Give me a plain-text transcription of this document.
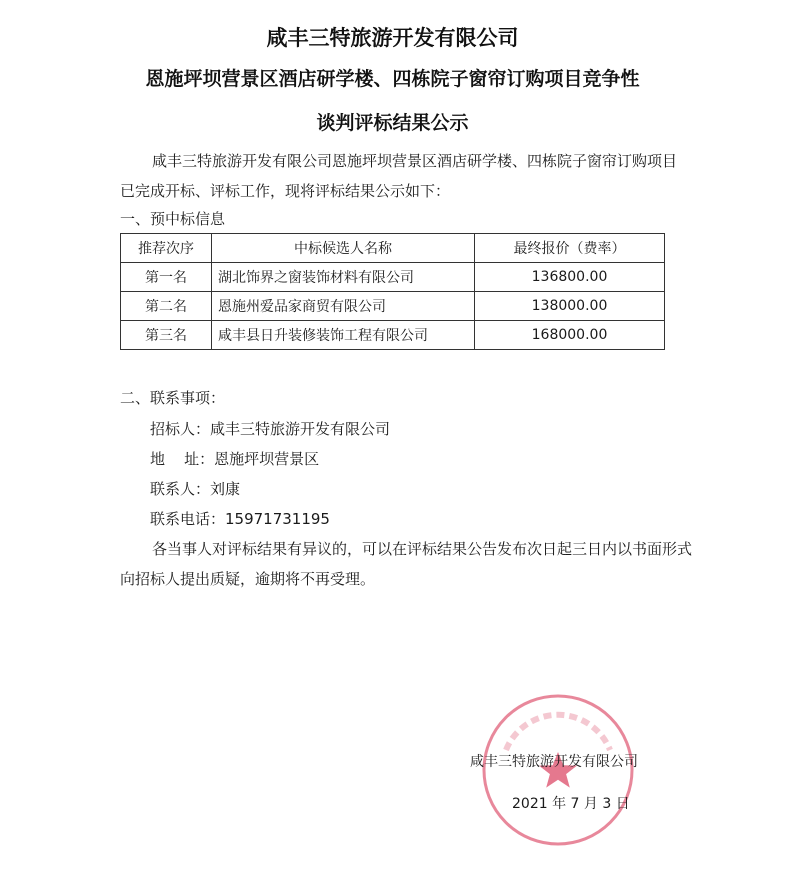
咸丰三特旅游开发有限公司
恩施坪坝营景区酒店研学楼、四栋院子窗帘订购项目竞争性
谈判评标结果公示
咸丰三特旅游开发有限公司恩施坪坝营景区酒店研学楼、四栋院子窗帘订购项目已完成开标、评标工作，现将评标结果公示如下：
一、预中标信息
推荐次序	中标候选人名称	最终报价（费率）
第一名	湖北饰界之窗装饰材料有限公司	136800.00
第二名	恩施州爱品家商贸有限公司	138000.00
第三名	咸丰县日升装修装饰工程有限公司	168000.00
二、联系事项：
招标人：咸丰三特旅游开发有限公司
地    址：恩施坪坝营景区
联系人：刘康
联系电话：15971731195
各当事人对评标结果有异议的，可以在评标结果公告发布次日起三日内以书面形式向招标人提出质疑，逾期将不再受理。
咸丰三特旅游开发有限公司
2021 年 7 月 3 日
